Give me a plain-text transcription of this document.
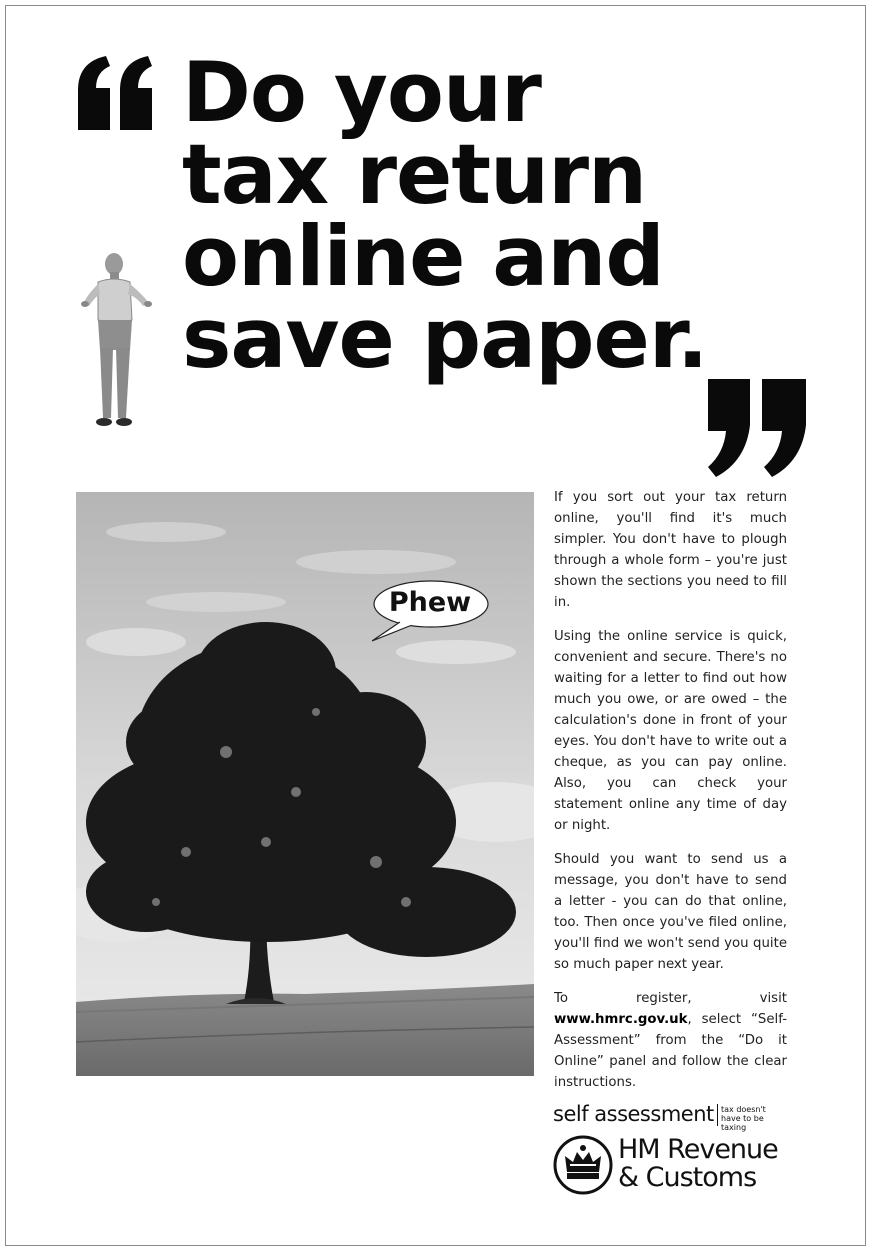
Do your
tax return
online and
save paper.
Phew

If you sort out your tax return online, you'll find it's much simpler. You don't have to plough through a whole form – you're just shown the sections you need to fill in.

Using the online service is quick, convenient and secure. There's no waiting for a letter to find out how much you owe, or are owed – the calculation's done in front of your eyes. You don't have to write out a cheque, as you can pay online. Also, you can check your statement online any time of day or night.

Should you want to send us a message, you don't have to send a letter - you can do that online, too. Then once you've filed online, you'll find we won't send you quite so much paper next year.

To register, visit www.hmrc.gov.uk, select “Self-Assessment” from the “Do it Online” panel and follow the clear instructions.

self assessment tax doesn't
have to be taxing
HM Revenue
& Customs
